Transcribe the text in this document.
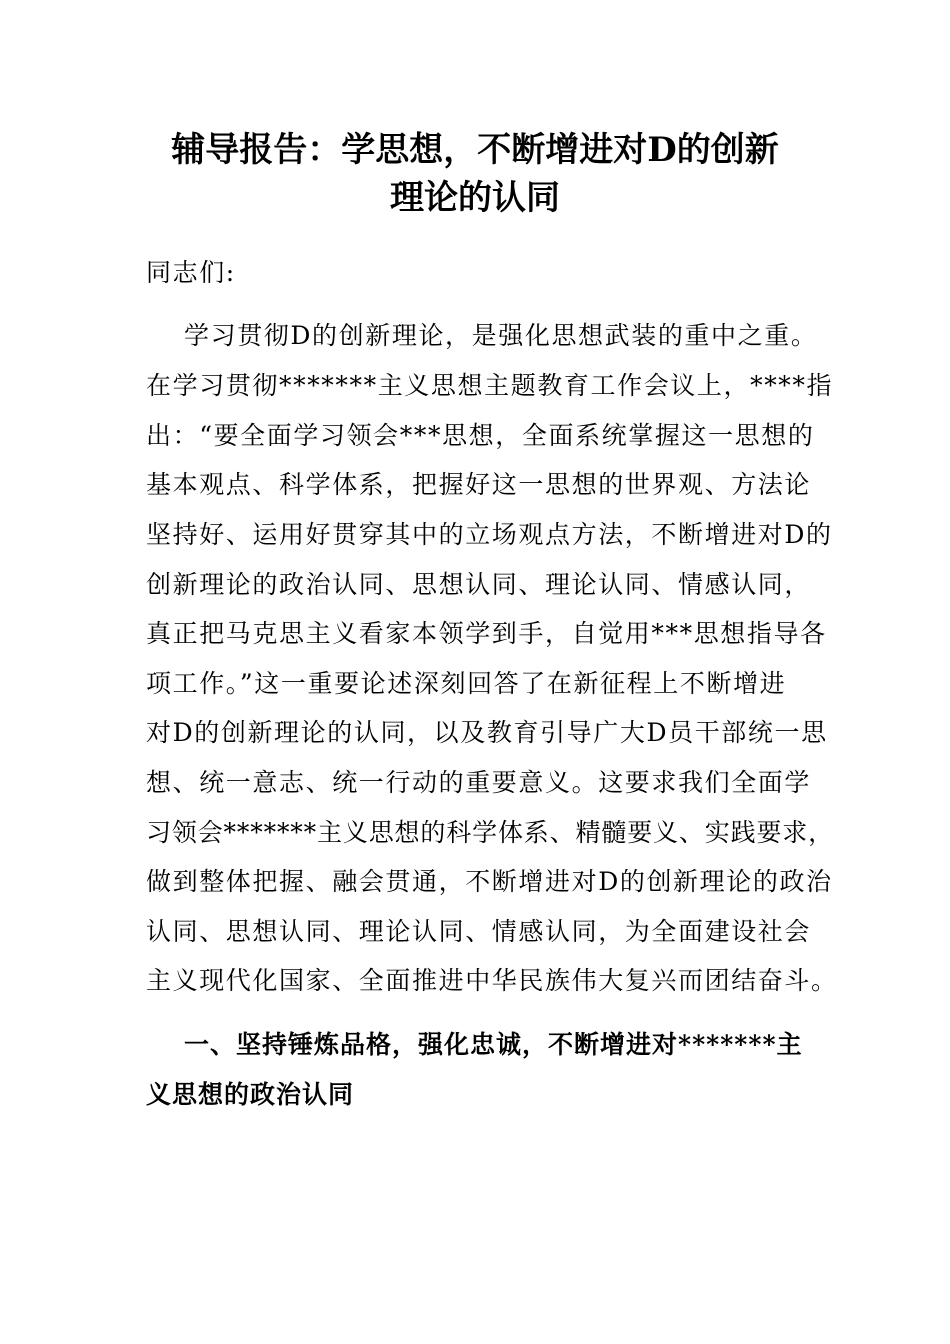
辅导报告：学思想，不断增进对D的创新
理论的认同
同志们:
学习贯彻D的创新理论，是强化思想武装的重中之重。
在学习贯彻*******主义思想主题教育工作会议上，****指
出：“要全面学习领会***思想，全面系统掌握这一思想的
基本观点、科学体系，把握好这一思想的世界观、方法论
坚持好、运用好贯穿其中的立场观点方法，不断增进对D的
创新理论的政治认同、思想认同、理论认同、情感认同，
真正把马克思主义看家本领学到手，自觉用***思想指导各
项工作。”这一重要论述深刻回答了在新征程上不断增进
对D的创新理论的认同，以及教育引导广大D员干部统一思
想、统一意志、统一行动的重要意义。这要求我们全面学
习领会*******主义思想的科学体系、精髓要义、实践要求，
做到整体把握、融会贯通，不断增进对D的创新理论的政治
认同、思想认同、理论认同、情感认同，为全面建设社会
主义现代化国家、全面推进中华民族伟大复兴而团结奋斗。
一、坚持锤炼品格，强化忠诚，不断增进对*******主
义思想的政治认同
